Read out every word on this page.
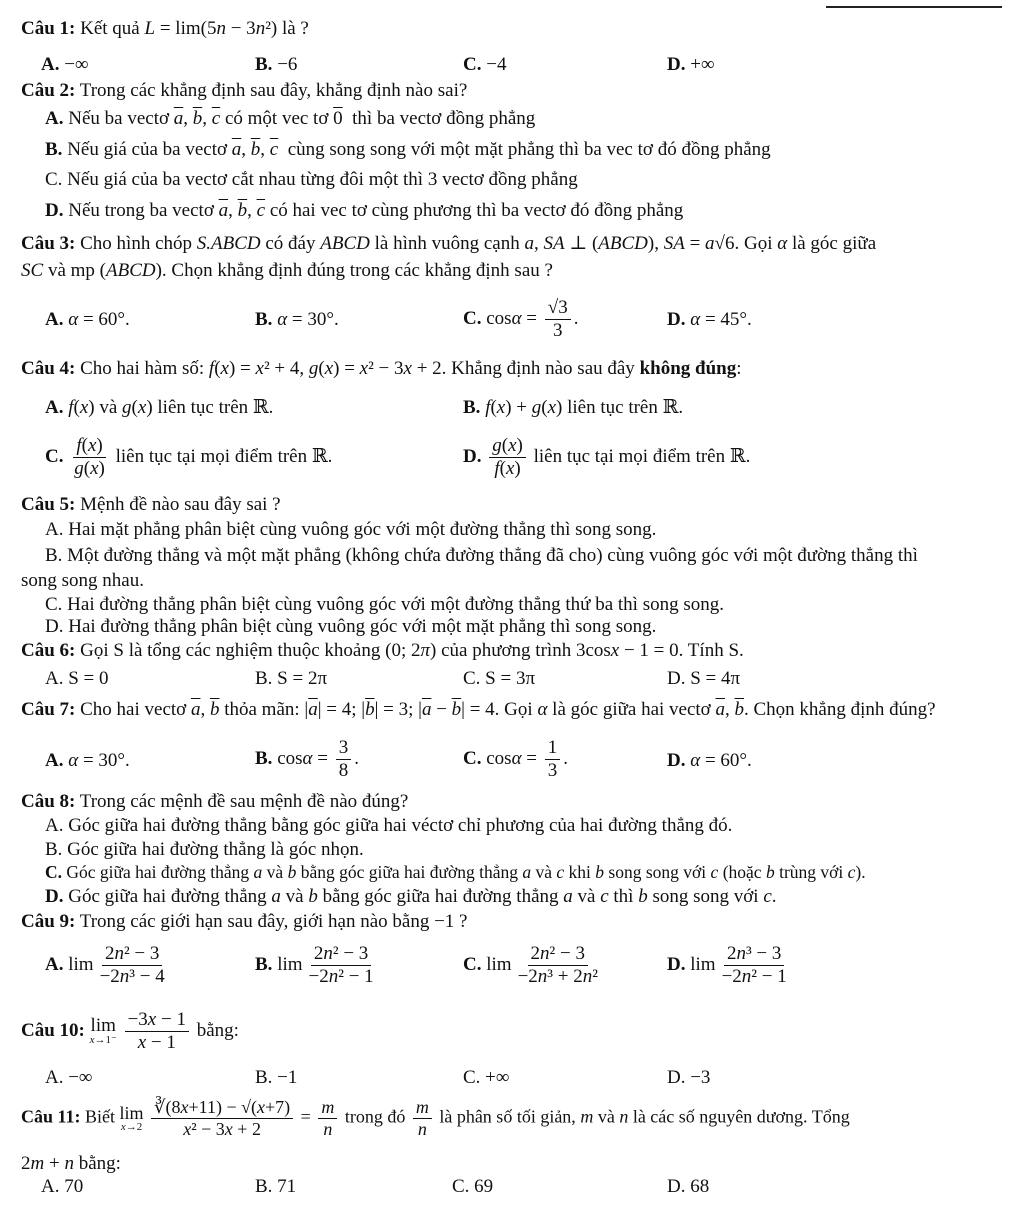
Câu 1: Kết quả L = lim(5n − 3n²) là ?
A. −∞	B. −6	C. −4	D. +∞
Câu 2: Trong các khẳng định sau đây, khẳng định nào sai?
A. Nếu ba vectơ $\overline{a}$, $\overline{b}$, $\overline{c}$ có một vec tơ 0  thì ba vectơ đồng phẳng
B. Nếu giá của ba vectơ $\overline{a}$, $\overline{b}$, $\overline{c}$  cùng song song với một mặt phẳng thì ba vec tơ đó đồng phẳng
C. Nếu giá của ba vectơ cắt nhau từng đôi một thì 3 vectơ đồng phẳng
D. Nếu trong ba vectơ $\overline{a}$, $\overline{b}$, $\overline{c}$ có hai vec tơ cùng phương thì ba vectơ đó đồng phẳng
Câu 3: Cho hình chóp S.ABCD có đáy ABCD là hình vuông cạnh a, SA ⊥ (ABCD), SA = a√6. Gọi α là góc giữa
SC và mp (ABCD). Chọn khẳng định đúng trong các khẳng định sau ?
A. α = 60°.	B. α = 30°.	C. $\cos\alpha = \frac{√3}{3}$ .	D. α = 45°.
Câu 4: Cho hai hàm số: f(x) = x² + 4, g(x) = x² − 3x + 2. Khẳng định nào sau đây không đúng:
A. f(x) và g(x) liên tục trên ℝ.	B. f(x) + g(x) liên tục trên ℝ.
C. $\frac{f(x)}{g(x)}$ liên tục tại mọi điểm trên ℝ.	D. $\frac{g(x)}{f(x)}$ liên tục tại mọi điểm trên ℝ.
Câu 5: Mệnh đề nào sau đây sai ?
A. Hai mặt phẳng phân biệt cùng vuông góc với một đường thẳng thì song song.
B. Một đường thẳng và một mặt phẳng (không chứa đường thẳng đã cho) cùng vuông góc với một đường thẳng thì
song song nhau.
C. Hai đường thẳng phân biệt cùng vuông góc với một đường thẳng thứ ba thì song song.
D. Hai đường thẳng phân biệt cùng vuông góc với một mặt phẳng thì song song.
Câu 6: Gọi S là tổng các nghiệm thuộc khoảng (0; 2π) của phương trình 3cosx − 1 = 0. Tính S.
A. S = 0	B. S = 2π	C. S = 3π	D. S = 4π
Câu 7: Cho hai vectơ $\overline{a}$, $\overline{b}$ thỏa mãn: $|\overline{a}| = 4$; $|\overline{b}| = 3$; $|\overline{a} - \overline{b}| = 4$. Gọi α là góc giữa hai vectơ $\overline{a}$, $\overline{b}$. Chọn khẳng định đúng?
A. α = 30°.	B. $\cos\alpha = \frac{3}{8}$ .	C. $\cos\alpha = \frac{1}{3}$ .	D. α = 60°.
Câu 8: Trong các mệnh đề sau mệnh đề nào đúng?
A. Góc giữa hai đường thẳng bằng góc giữa hai véctơ chỉ phương của hai đường thẳng đó.
B. Góc giữa hai đường thẳng là góc nhọn.
C. Góc giữa hai đường thẳng a và b bằng góc giữa hai đường thẳng a và c khi b song song với c (hoặc b trùng với c).
D. Góc giữa hai đường thẳng a và b bằng góc giữa hai đường thẳng a và c thì b song song với c.
Câu 9: Trong các giới hạn sau đây, giới hạn nào bằng −1 ?
A. $\lim \frac{\text{2n² − 3}}{\text{−2n³ − 4}}$	B. $\lim \frac{\text{2n² − 3}}{\text{−2n² − 1}}$	C. $\lim \frac{\text{2n² − 3}}{\text{−2n³ + 2n²}}$	D. $\lim \frac{\text{2n³ − 3}}{\text{−2n² − 1}}$
Câu 10: lim
x→1⁻
$\frac{-3x - 1}{x - 1}$ bằng:
A. −∞	B. −1	C. +∞	D. −3
Câu 11: Biết lim
x→2
$\frac{∛(8x+11) - √(x+7)}{\text{x² − 3x + 2}} = \frac{m}{n}$ trong đó $\frac{m}{n}$ là phân số tối giản, m và n là các số nguyên dương. Tổng
2m + n bằng:
A. 70	B. 71	C. 69	D. 68
